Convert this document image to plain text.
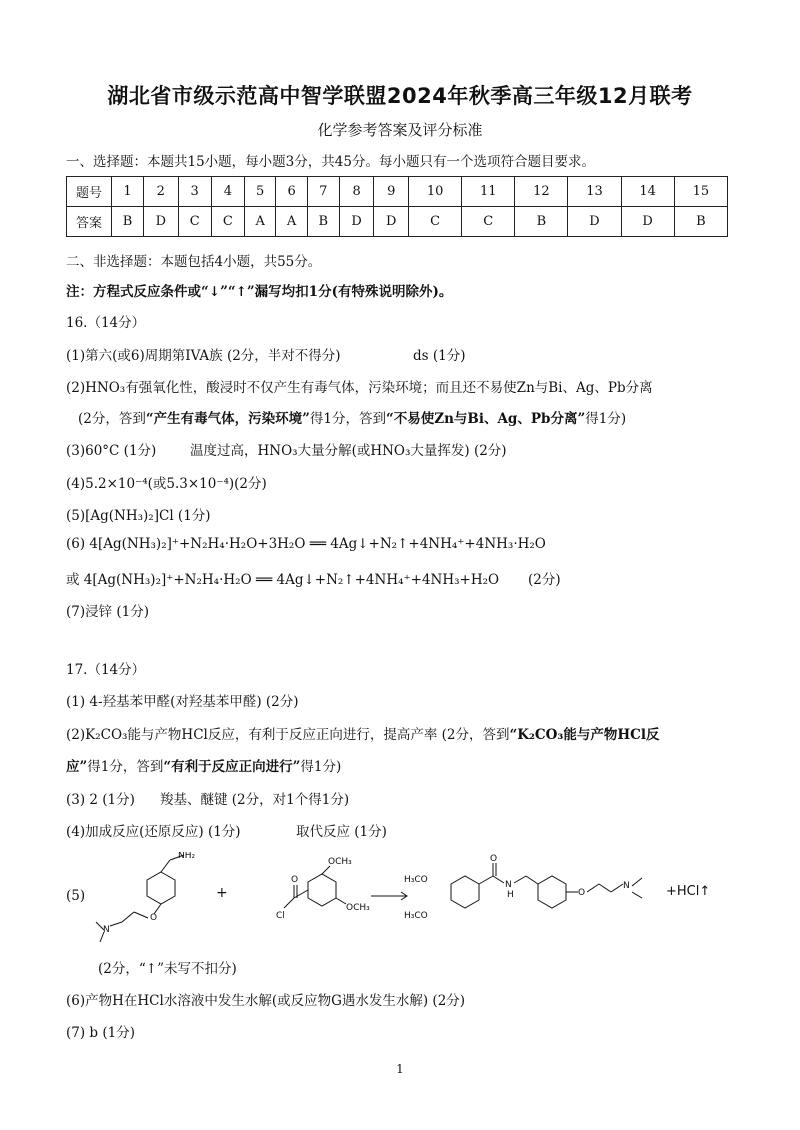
湖北省市级示范高中智学联盟2024年秋季高三年级12月联考
化学参考答案及评分标准
一、选择题：本题共15小题，每小题3分，共45分。每小题只有一个选项符合题目要求。
题号	1	2	3	4	5	6	7	8	9	10	11	12	13	14	15
答案	B	D	C	C	A	A	B	D	D	C	C	B	D	D	B
二、非选择题：本题包括4小题，共55分。
注：方程式反应条件或“↓”“↑”漏写均扣1分(有特殊说明除外)。
16.（14分）
(1)第六(或6)周期第IVA族 (2分，半对不得分)	ds (1分)
(2)HNO₃有强氧化性，酸浸时不仅产生有毒气体，污染环境；而且还不易使Zn与Bi、Ag、Pb分离
(2分，答到“产生有毒气体，污染环境”得1分，答到“不易使Zn与Bi、Ag、Pb分离”得1分)
(3)60°C (1分) 温度过高，HNO₃大量分解(或HNO₃大量挥发) (2分)
(4)5.2×10⁻⁴(或5.3×10⁻⁴)(2分)
(5)[Ag(NH₃)₂]Cl (1分)
(6) 4[Ag(NH₃)₂]⁺+N₂H₄·H₂O+3H₂O ══ 4Ag↓+N₂↑+4NH₄⁺+4NH₃·H₂O
或 4[Ag(NH₃)₂]⁺+N₂H₄·H₂O ══ 4Ag↓+N₂↑+4NH₄⁺+4NH₃+H₂O (2分)
(7)浸锌 (1分)
17.（14分）
(1) 4-羟基苯甲醛(对羟基苯甲醛) (2分)
(2)K₂CO₃能与产物HCl反应，有利于反应正向进行，提高产率 (2分，答到“K₂CO₃能与产物HCl反
应”得1分，答到“有利于反应正向进行”得1分)
(3) 2 (1分) 羧基、醚键 (2分，对1个得1分)
(4)加成反应(还原反应) (1分)	取代反应 (1分)
(5)
NH₂
O
N
+
O
Cl
OCH₃
OCH₃
H₃CO
H₃CO
O
N
H	O
N	+HCl↑
(2分，“↑”未写不扣分)
(6)产物H在HCl水溶液中发生水解(或反应物G遇水发生水解) (2分)
(7) b (1分)
1
